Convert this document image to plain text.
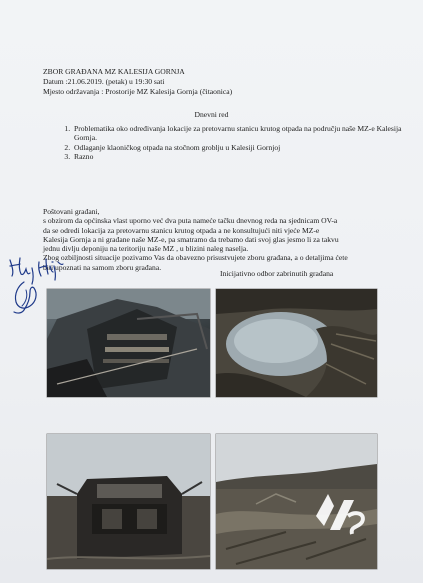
ZBOR GRAĐANA MZ KALESIJA GORNJA
Datum :21.06.2019. (petak) u 19:30 sati
Mjesto održavanja : Prostorije MZ Kalesija Gornja (čitaonica)
Dnevni red
1. Problematika oko određivanja lokacije za pretovarnu stanicu krutog otpada na području naše MZ-e Kalesija Gornja.
2. Odlaganje klaoničkog otpada na stočnom groblju u Kalesiji Gornjoj
3. Razno

Poštovani građani,

s obzirom da općinska vlast uporno već dva puta nameće tačku dnevnog reda na sjednicam OV-a

da se odredi lokacija za pretovarnu stanicu krutog otpada a ne konsultujući niti vjeće MZ-e

Kalesija Gornja a ni građane naše MZ-e, pa smatramo da trebamo dati svoj glas jesmo li za takvu

jednu divlju deponiju na teritoriju naše MZ , u blizini naleg naselja.

Zbog ozbiljnosti situacije pozivamo Vas da obavezno prisustvujete zboru građana, a o detaljima ćete

biti upoznati na samom zboru građana.

Inicijativno odbor zabrinutih građana
